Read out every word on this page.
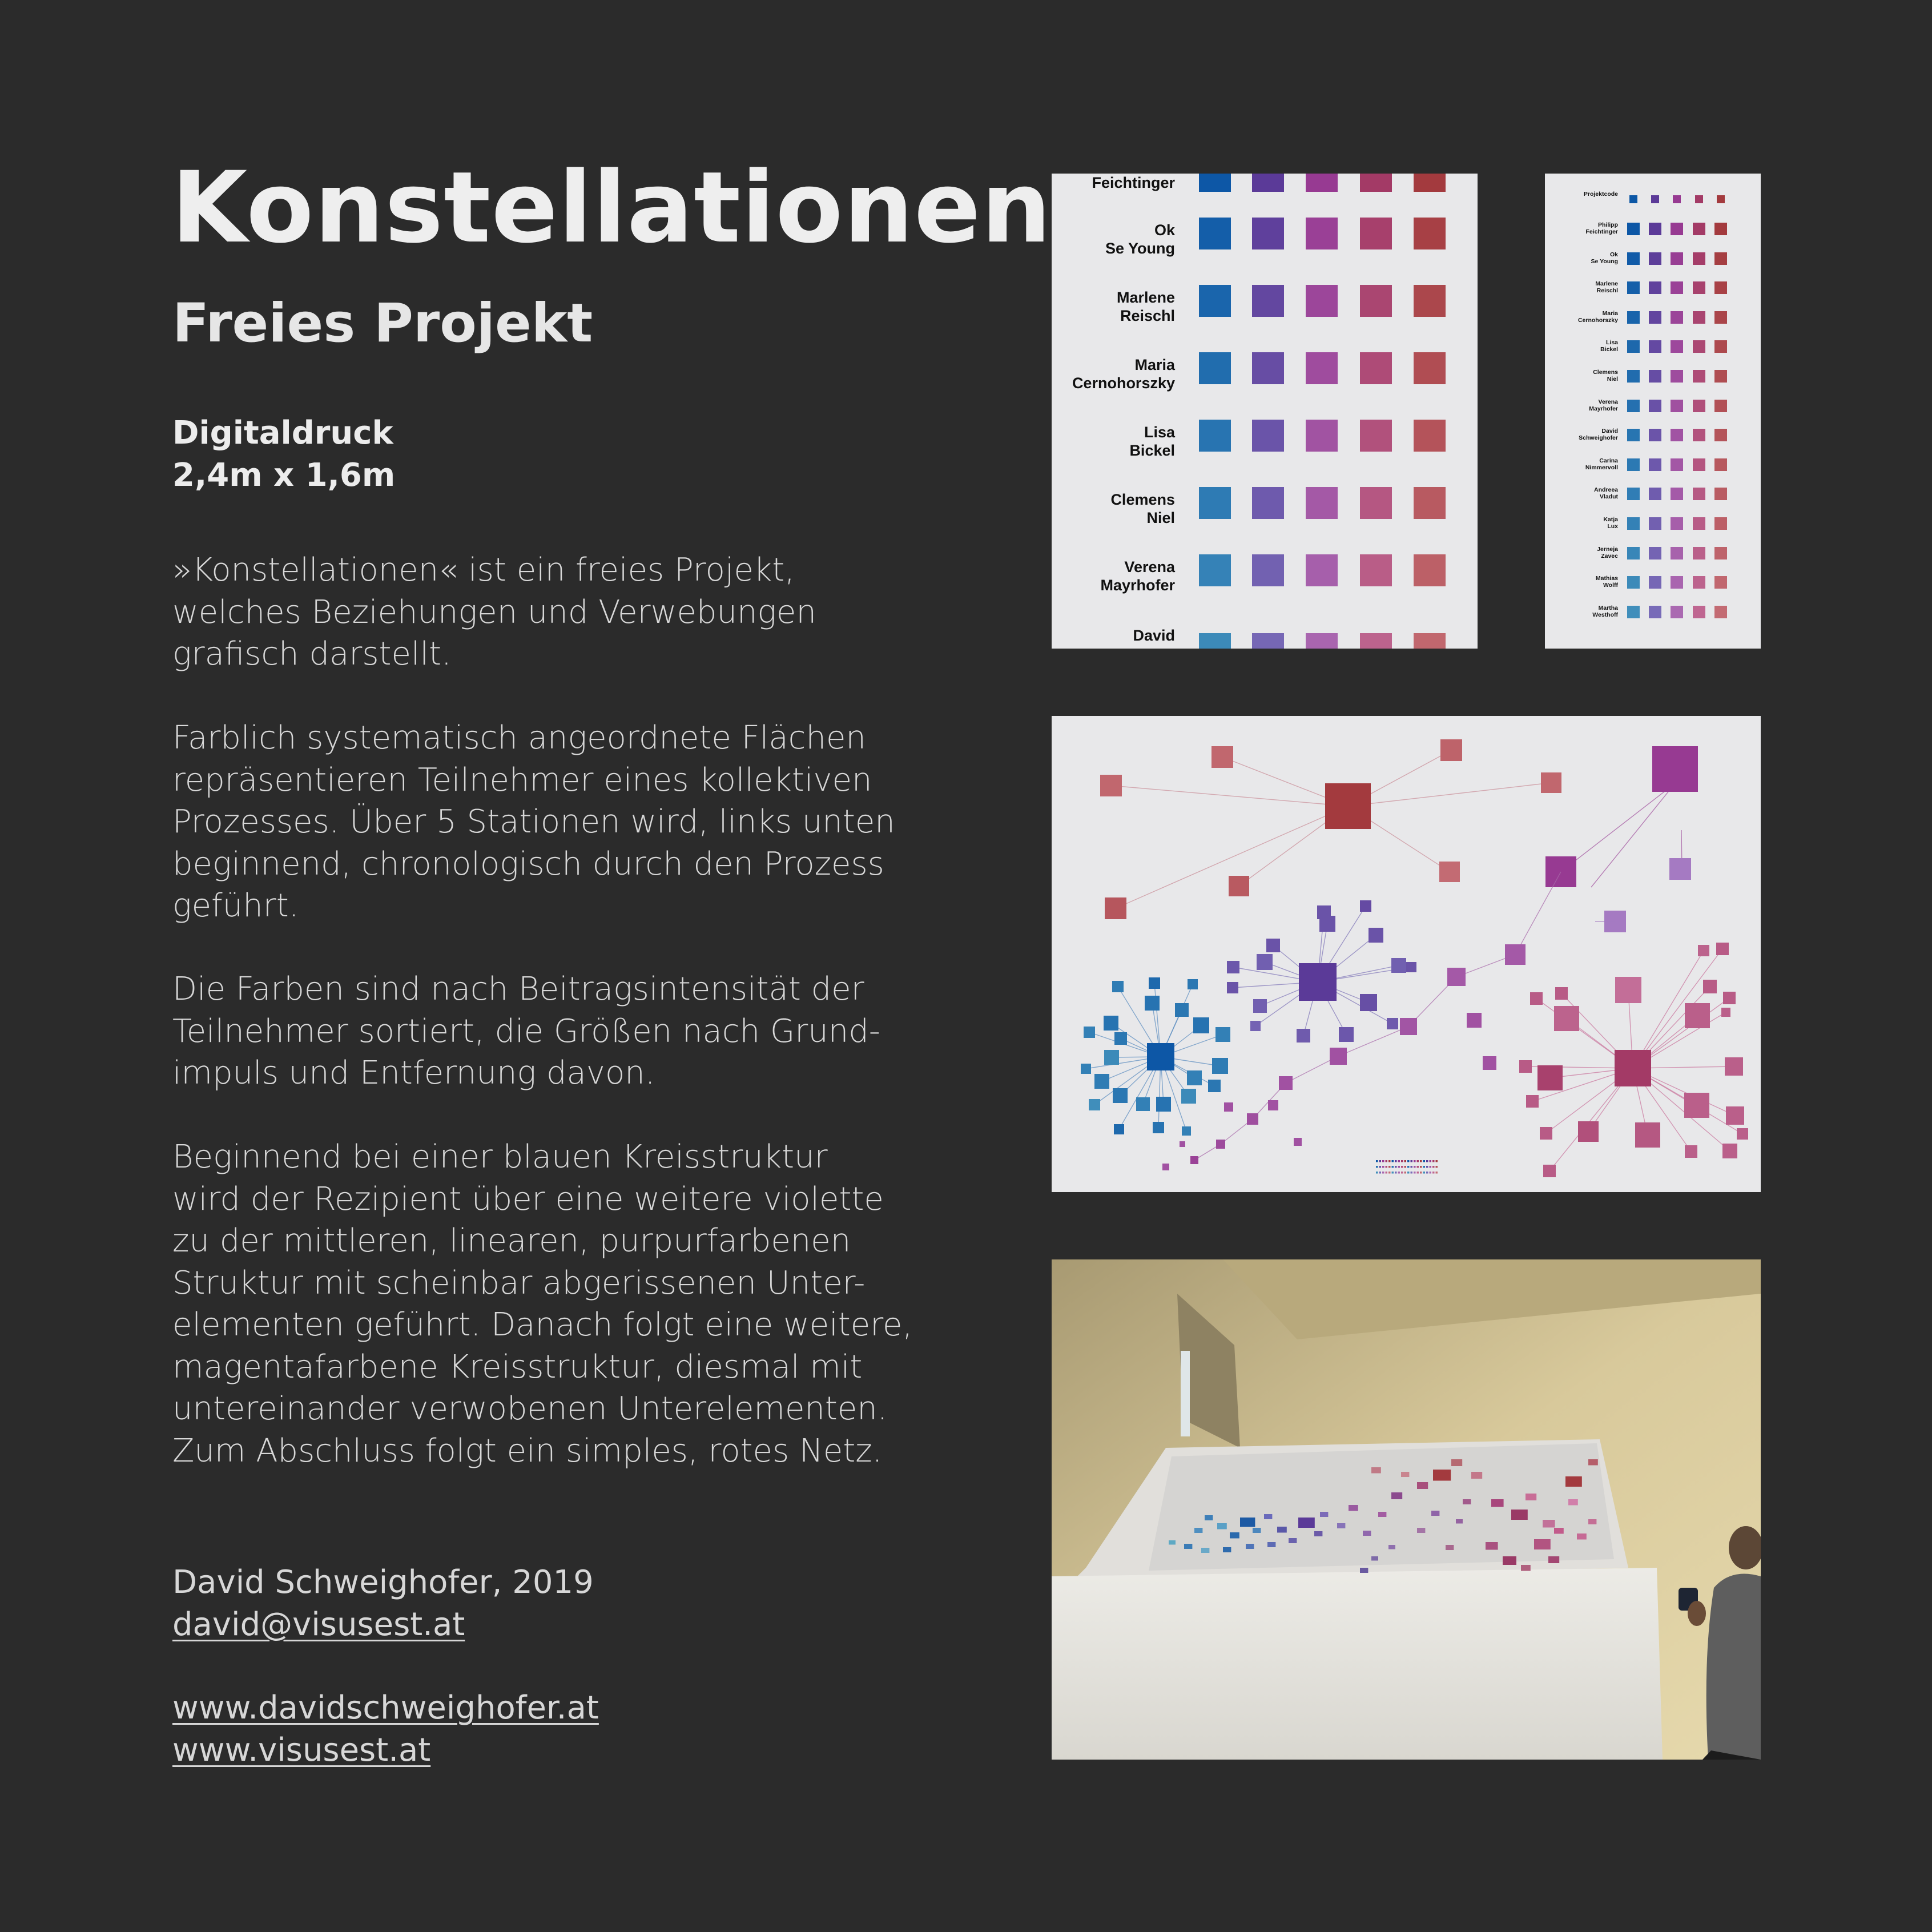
Konstellationen
Freies Projekt
Digitaldruck
2,4m x 1,6m

»Konstellationen« ist ein freies Projekt,
welches Beziehungen und Verwebungen
grafisch darstellt.

Farblich systematisch angeordnete Flächen
repräsentieren Teilnehmer eines kollektiven
Prozesses. Über 5 Stationen wird, links unten
beginnend, chronologisch durch den Prozess
geführt.

Die Farben sind nach Beitragsintensität der
Teilnehmer sortiert, die Größen nach Grund-
impuls und Entfernung davon.

Beginnend bei einer blauen Kreisstruktur
wird der Rezipient über eine weitere violette
zu der mittleren, linearen, purpurfarbenen
Struktur mit scheinbar abgerissenen Unter-
elementen geführt. Danach folgt eine weitere,
magentafarbene Kreisstruktur, diesmal mit
untereinander verwobenen Unterelementen.
Zum Abschluss folgt ein simples, rotes Netz.

David Schweighofer, 2019
david@visusest.at
www.davidschweighofer.at
www.visusest.at
Feichtinger
Ok
Se Young
Marlene
Reischl
Maria
Cernohorszky
Lisa
Bickel
Clemens
Niel
Verena
Mayrhofer
David
Projektcode
Philipp
Feichtinger
Ok
Se Young
Marlene
Reischl
Maria
Cernohorszky
Lisa
Bickel
Clemens
Niel
Verena
Mayrhofer
David
Schweighofer
Carina
Nimmervoll
Andreea
Vladut
Katja
Lux
Jerneja
Zavec
Mathias
Wolff
Martha
Westhoff
